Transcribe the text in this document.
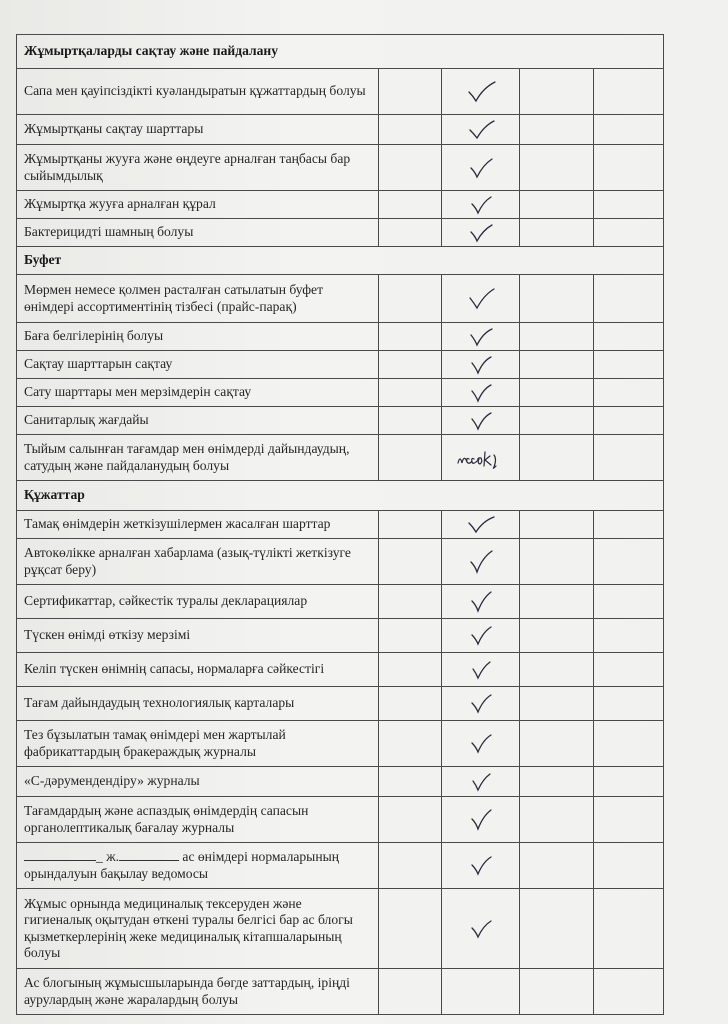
Жұмыртқаларды сақтау және пайдалану				
Сапа мен қауіпсіздікті куәландыратын құжаттардың болуы		

Жұмыртқаны сақтау шарттары		

Жұмыртқаны жууға және өңдеуге арналған таңбасы бар сыйымдылық		

Жұмыртқа жууға арналған құрал		

Бактерицидті шамның болуы		

Буфет				
Мөрмен немесе қолмен расталған сатылатын буфет өнімдері ассортиментінің тізбесі (прайс-парақ)		

Баға белгілерінің болуы		

Сақтау шарттарын сақтау		

Сату шарттары мен мерзімдерін сақтау		

Санитарлық жағдайы		

Тыйым салынған тағамдар мен өнімдерді дайындаудың, сатудың және пайдаланудың болуы		

Құжаттар				
Тамақ өнімдерін жеткізушілермен жасалған шарттар		

Автокөлікке арналған хабарлама (азық-түлікті жеткізуге рұқсат беру)		

Сертификаттар, сәйкестік туралы декларациялар		

Түскен өнімді өткізу мерзімі		

Келіп түскен өнімнің сапасы, нормаларға сәйкестігі		

Тағам дайындаудың технологиялық карталары		

Тез бұзылатын тамақ өнімдері мен жартылай фабрикаттардың бракераждық журналы		

«С-дәрумендендіру» журналы		

Тағамдардың және аспаздық өнімдердің сапасын органолептикалық бағалау журналы		

_ ж. ас өнімдері нормаларының орындалуын бақылау ведомосы		

Жұмыс орнында медициналық тексеруден және гигиеналық оқытудан өткені туралы белгісі бар ас блогы қызметкерлерінің жеке медициналық кітапшаларының болуы		

Ас блогының жұмысшыларында бөгде заттардың, іріңді аурулардың және жаралардың болуы				
